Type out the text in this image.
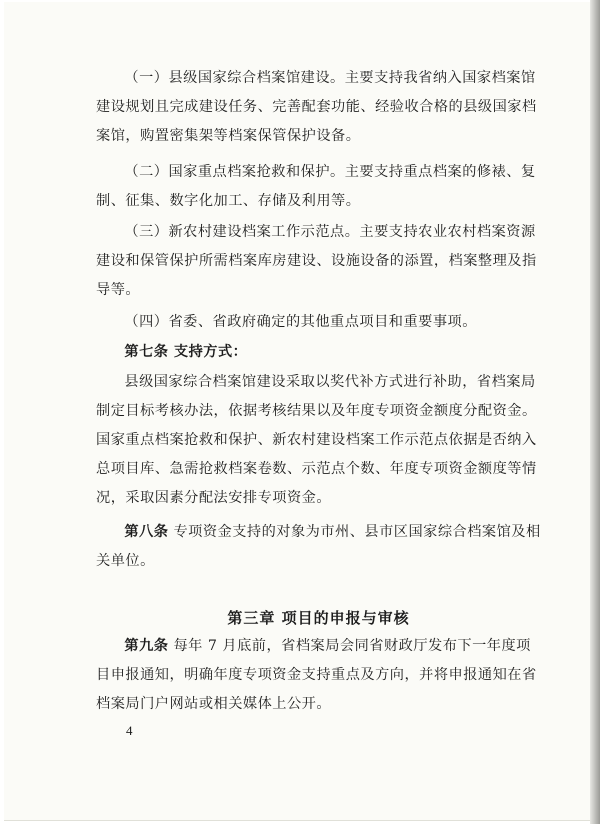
（一）县级国家综合档案馆建设。主要支持我省纳入国家档案馆建设规划且完成建设任务、完善配套功能、经验收合格的县级国家档案馆，购置密集架等档案保管保护设备。

（二）国家重点档案抢救和保护。主要支持重点档案的修裱、复制、征集、数字化加工、存储及利用等。

（三）新农村建设档案工作示范点。主要支持农业农村档案资源建设和保管保护所需档案库房建设、设施设备的添置，档案整理及指导等。

（四）省委、省政府确定的其他重点项目和重要事项。

第七条 支持方式：

县级国家综合档案馆建设采取以奖代补方式进行补助，省档案局制定目标考核办法，依据考核结果以及年度专项资金额度分配资金。国家重点档案抢救和保护、新农村建设档案工作示范点依据是否纳入总项目库、急需抢救档案卷数、示范点个数、年度专项资金额度等情况，采取因素分配法安排专项资金。

第八条 专项资金支持的对象为市州、县市区国家综合档案馆及相关单位。

第三章 项目的申报与审核

第九条 每年 7 月底前，省档案局会同省财政厅发布下一年度项目申报通知，明确年度专项资金支持重点及方向，并将申报通知在省档案局门户网站或相关媒体上公开。

4
